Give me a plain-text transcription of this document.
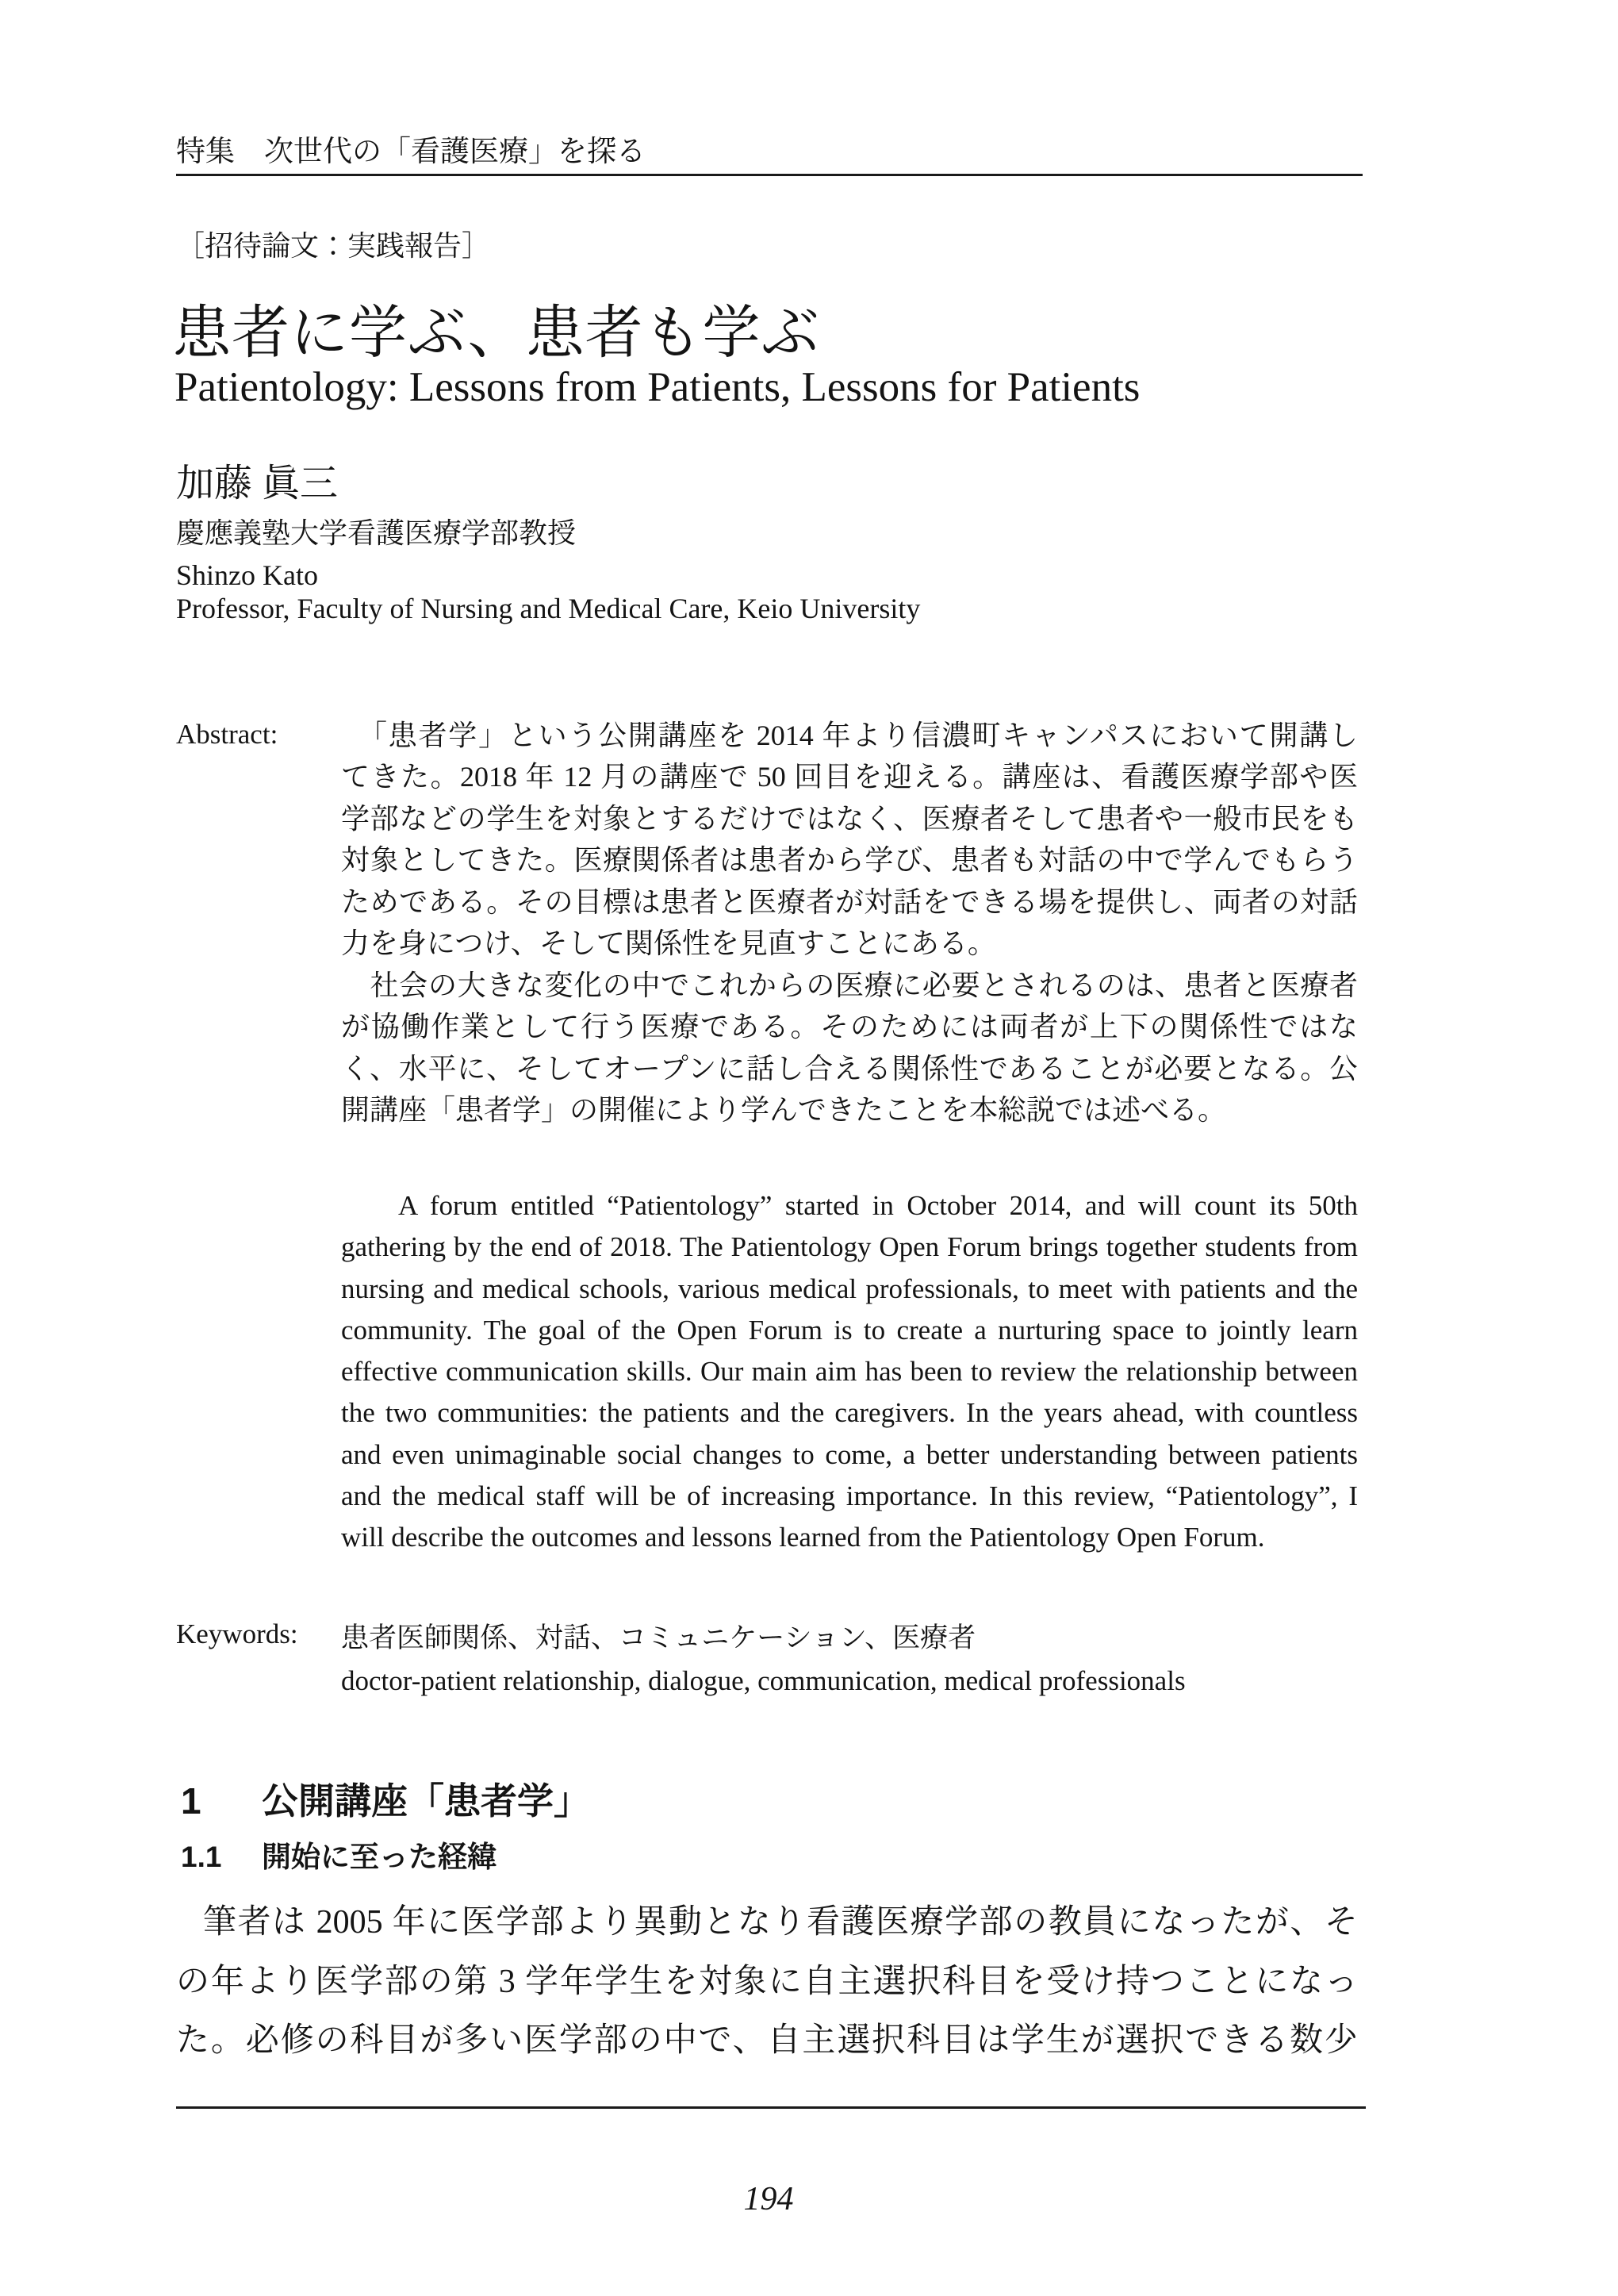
特集　次世代の「看護医療」を探る
［招待論文：実践報告］
患者に学ぶ、患者も学ぶ
Patientology: Lessons from Patients, Lessons for Patients
加藤 眞三
慶應義塾大学看護医療学部教授
Shinzo Kato
Professor, Faculty of Nursing and Medical Care, Keio University
Abstract:	「患者学」という公開講座を 2014 年より信濃町キャンパスにおいて開講し
てきた。2018 年 12 月の講座で 50 回目を迎える。講座は、看護医療学部や医
学部などの学生を対象とするだけではなく、医療者そして患者や一般市民をも
対象としてきた。医療関係者は患者から学び、患者も対話の中で学んでもらう
ためである。その目標は患者と医療者が対話をできる場を提供し、両者の対話
力を身につけ、そして関係性を見直すことにある。
　社会の大きな変化の中でこれからの医療に必要とされるのは、患者と医療者
が協働作業として行う医療である。そのためには両者が上下の関係性ではな
く、水平に、そしてオープンに話し合える関係性であることが必要となる。公
開講座「患者学」の開催により学んできたことを本総説では述べる。
A forum entitled “Patientology” started in October 2014, and will count its 50th
gathering by the end of 2018. The Patientology Open Forum brings together students from
nursing and medical schools, various medical professionals, to meet with patients and the
community. The goal of the Open Forum is to create a nurturing space to jointly learn
effective communication skills. Our main aim has been to review the relationship between
the two communities: the patients and the caregivers. In the years ahead, with countless
and even unimaginable social changes to come, a better understanding between patients
and the medical staff will be of increasing importance. In this review, “Patientology”, I
will describe the outcomes and lessons learned from the Patientology Open Forum.
Keywords: 患者医師関係、対話、コミュニケーション、医療者
doctor-patient relationship, dialogue, communication, medical professionals
1 公開講座「患者学」
1.1 開始に至った経緯
筆者は 2005 年に医学部より異動となり看護医療学部の教員になったが、そ
の年より医学部の第 3 学年学生を対象に自主選択科目を受け持つことになっ
た。必修の科目が多い医学部の中で、自主選択科目は学生が選択できる数少
194
